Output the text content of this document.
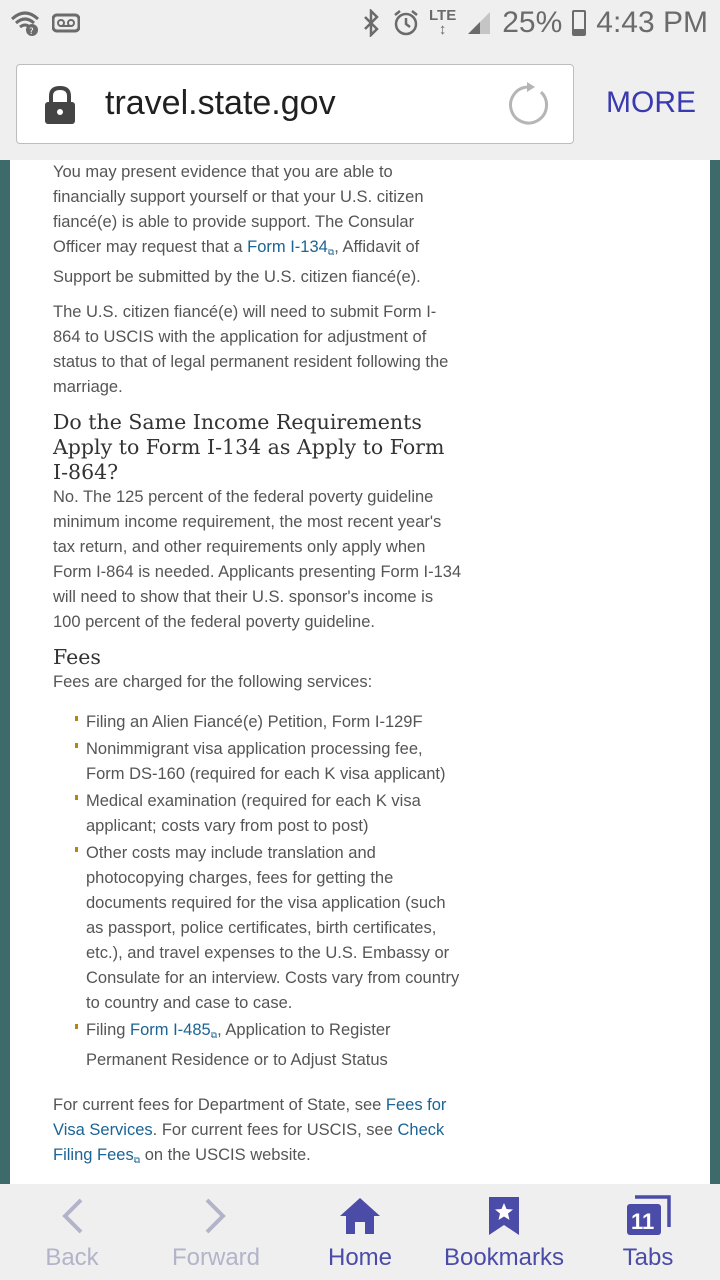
?
LTE
↕	25% 4:43 PM
travel.state.gov	MORE

You may present evidence that you are able to financially support yourself or that your U.S. citizen fiancé(e) is able to provide support. The Consular Officer may request that a Form I-134⧉, Affidavit of Support be submitted by the U.S. citizen fiancé(e).

The U.S. citizen fiancé(e) will need to submit Form I-864 to USCIS with the application for adjustment of status to that of legal permanent resident following the marriage.

Do the Same Income Requirements Apply to Form I-134 as Apply to Form I-864?

No. The 125 percent of the federal poverty guideline minimum income requirement, the most recent year's tax return, and other requirements only apply when Form I-864 is needed. Applicants presenting Form I-134 will need to show that their U.S. sponsor's income is 100 percent of the federal poverty guideline.

Fees

Fees are charged for the following services:

Filing an Alien Fiancé(e) Petition, Form I-129F
Nonimmigrant visa application processing fee, Form DS-160 (required for each K visa applicant)
Medical examination (required for each K visa applicant; costs vary from post to post)
Other costs may include translation and photocopying charges, fees for getting the documents required for the visa application (such as passport, police certificates, birth certificates, etc.), and travel expenses to the U.S. Embassy or Consulate for an interview. Costs vary from country to country and case to case.
Filing Form I-485⧉, Application to Register Permanent Residence or to Adjust Status

For current fees for Department of State, see Fees for Visa Services. For current fees for USCIS, see Check Filing Fees⧉ on the USCIS website.

Back	Forward	Home	Bookmarks
11
Tabs
